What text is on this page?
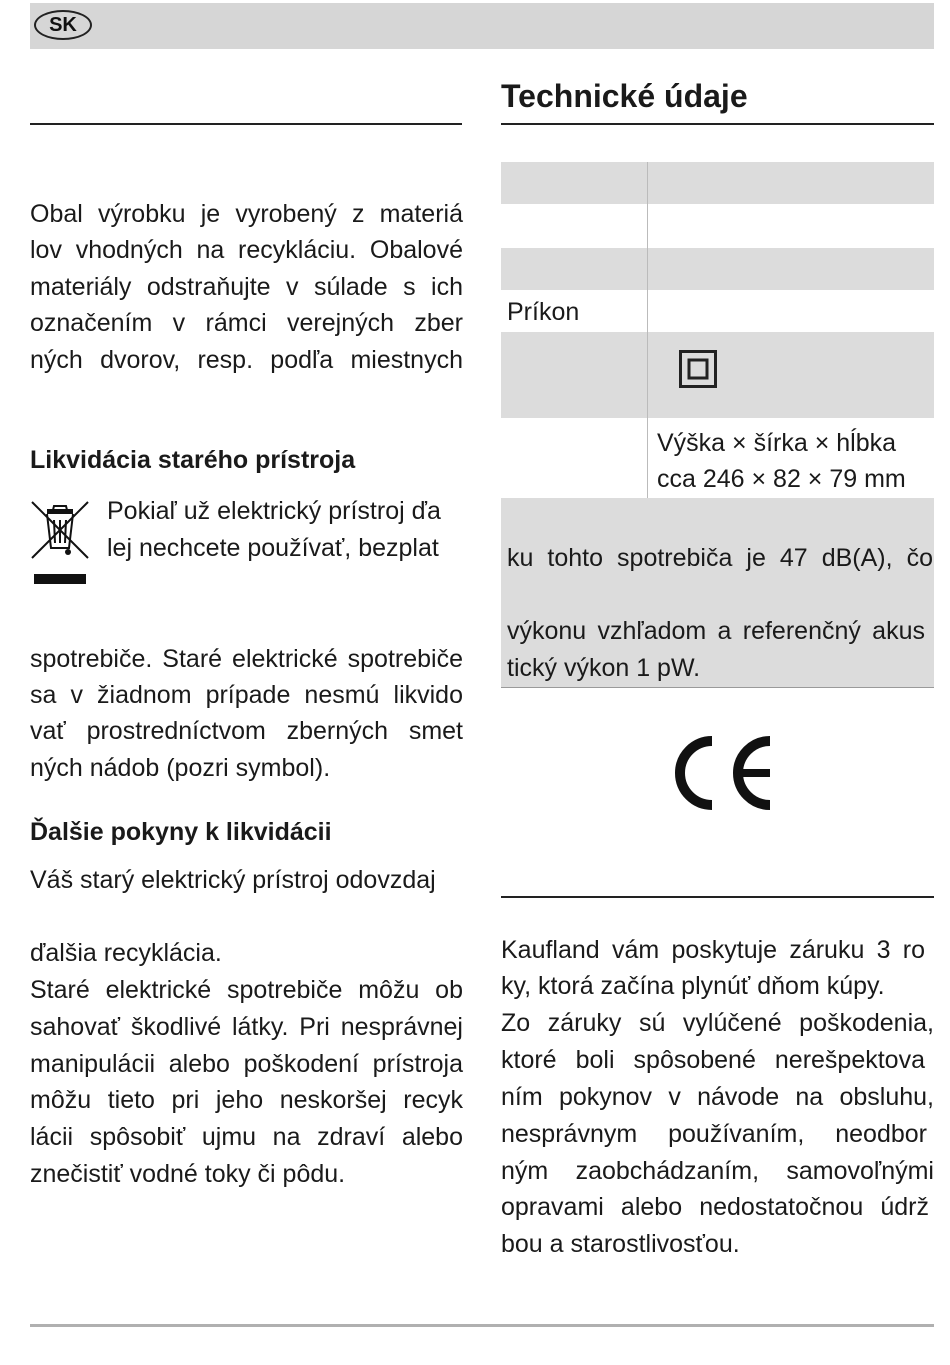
SK
Obal výrobku je vyrobený z materiá
lov vhodných na recykláciu. Obalové
materiály odstraňujte v súlade s ich
označením v rámci verejných zber
ných dvorov, resp. podľa miestnych
Likvidácia starého prístroja
Pokiaľ už elektrický prístroj ďa
lej nechcete používať, bezplat
spotrebiče. Staré elektrické spotrebiče
sa v žiadnom prípade nesmú likvido
vať prostredníctvom zberných smet
ných nádob (pozri symbol).
Ďalšie pokyny k likvidácii
Váš starý elektrický prístroj odovzdaj
ďalšia recyklácia.
Staré elektrické spotrebiče môžu ob
sahovať škodlivé látky. Pri nesprávnej
manipulácii alebo poškodení prístroja
môžu tieto pri jeho neskoršej recyk
lácii spôsobiť ujmu na zdraví alebo
znečistiť vodné toky či pôdu.
Technické údaje
Príkon
Výška × šírka × hĺbka
cca 246 × 82 × 79 mm
ku tohto spotrebiča je 47 dB(A), čo
výkonu vzhľadom a referenčný akus
tický výkon 1 pW.
Kaufland vám poskytuje záruku 3 ro
ky, ktorá začína plynúť dňom kúpy.
Zo záruky sú vylúčené poškodenia,
ktoré boli spôsobené nerešpektova
ním pokynov v návode na obsluhu,
nesprávnym používaním, neodbor
ným zaobchádzaním, samovoľnými
opravami alebo nedostatočnou údrž
bou a starostlivosťou.
